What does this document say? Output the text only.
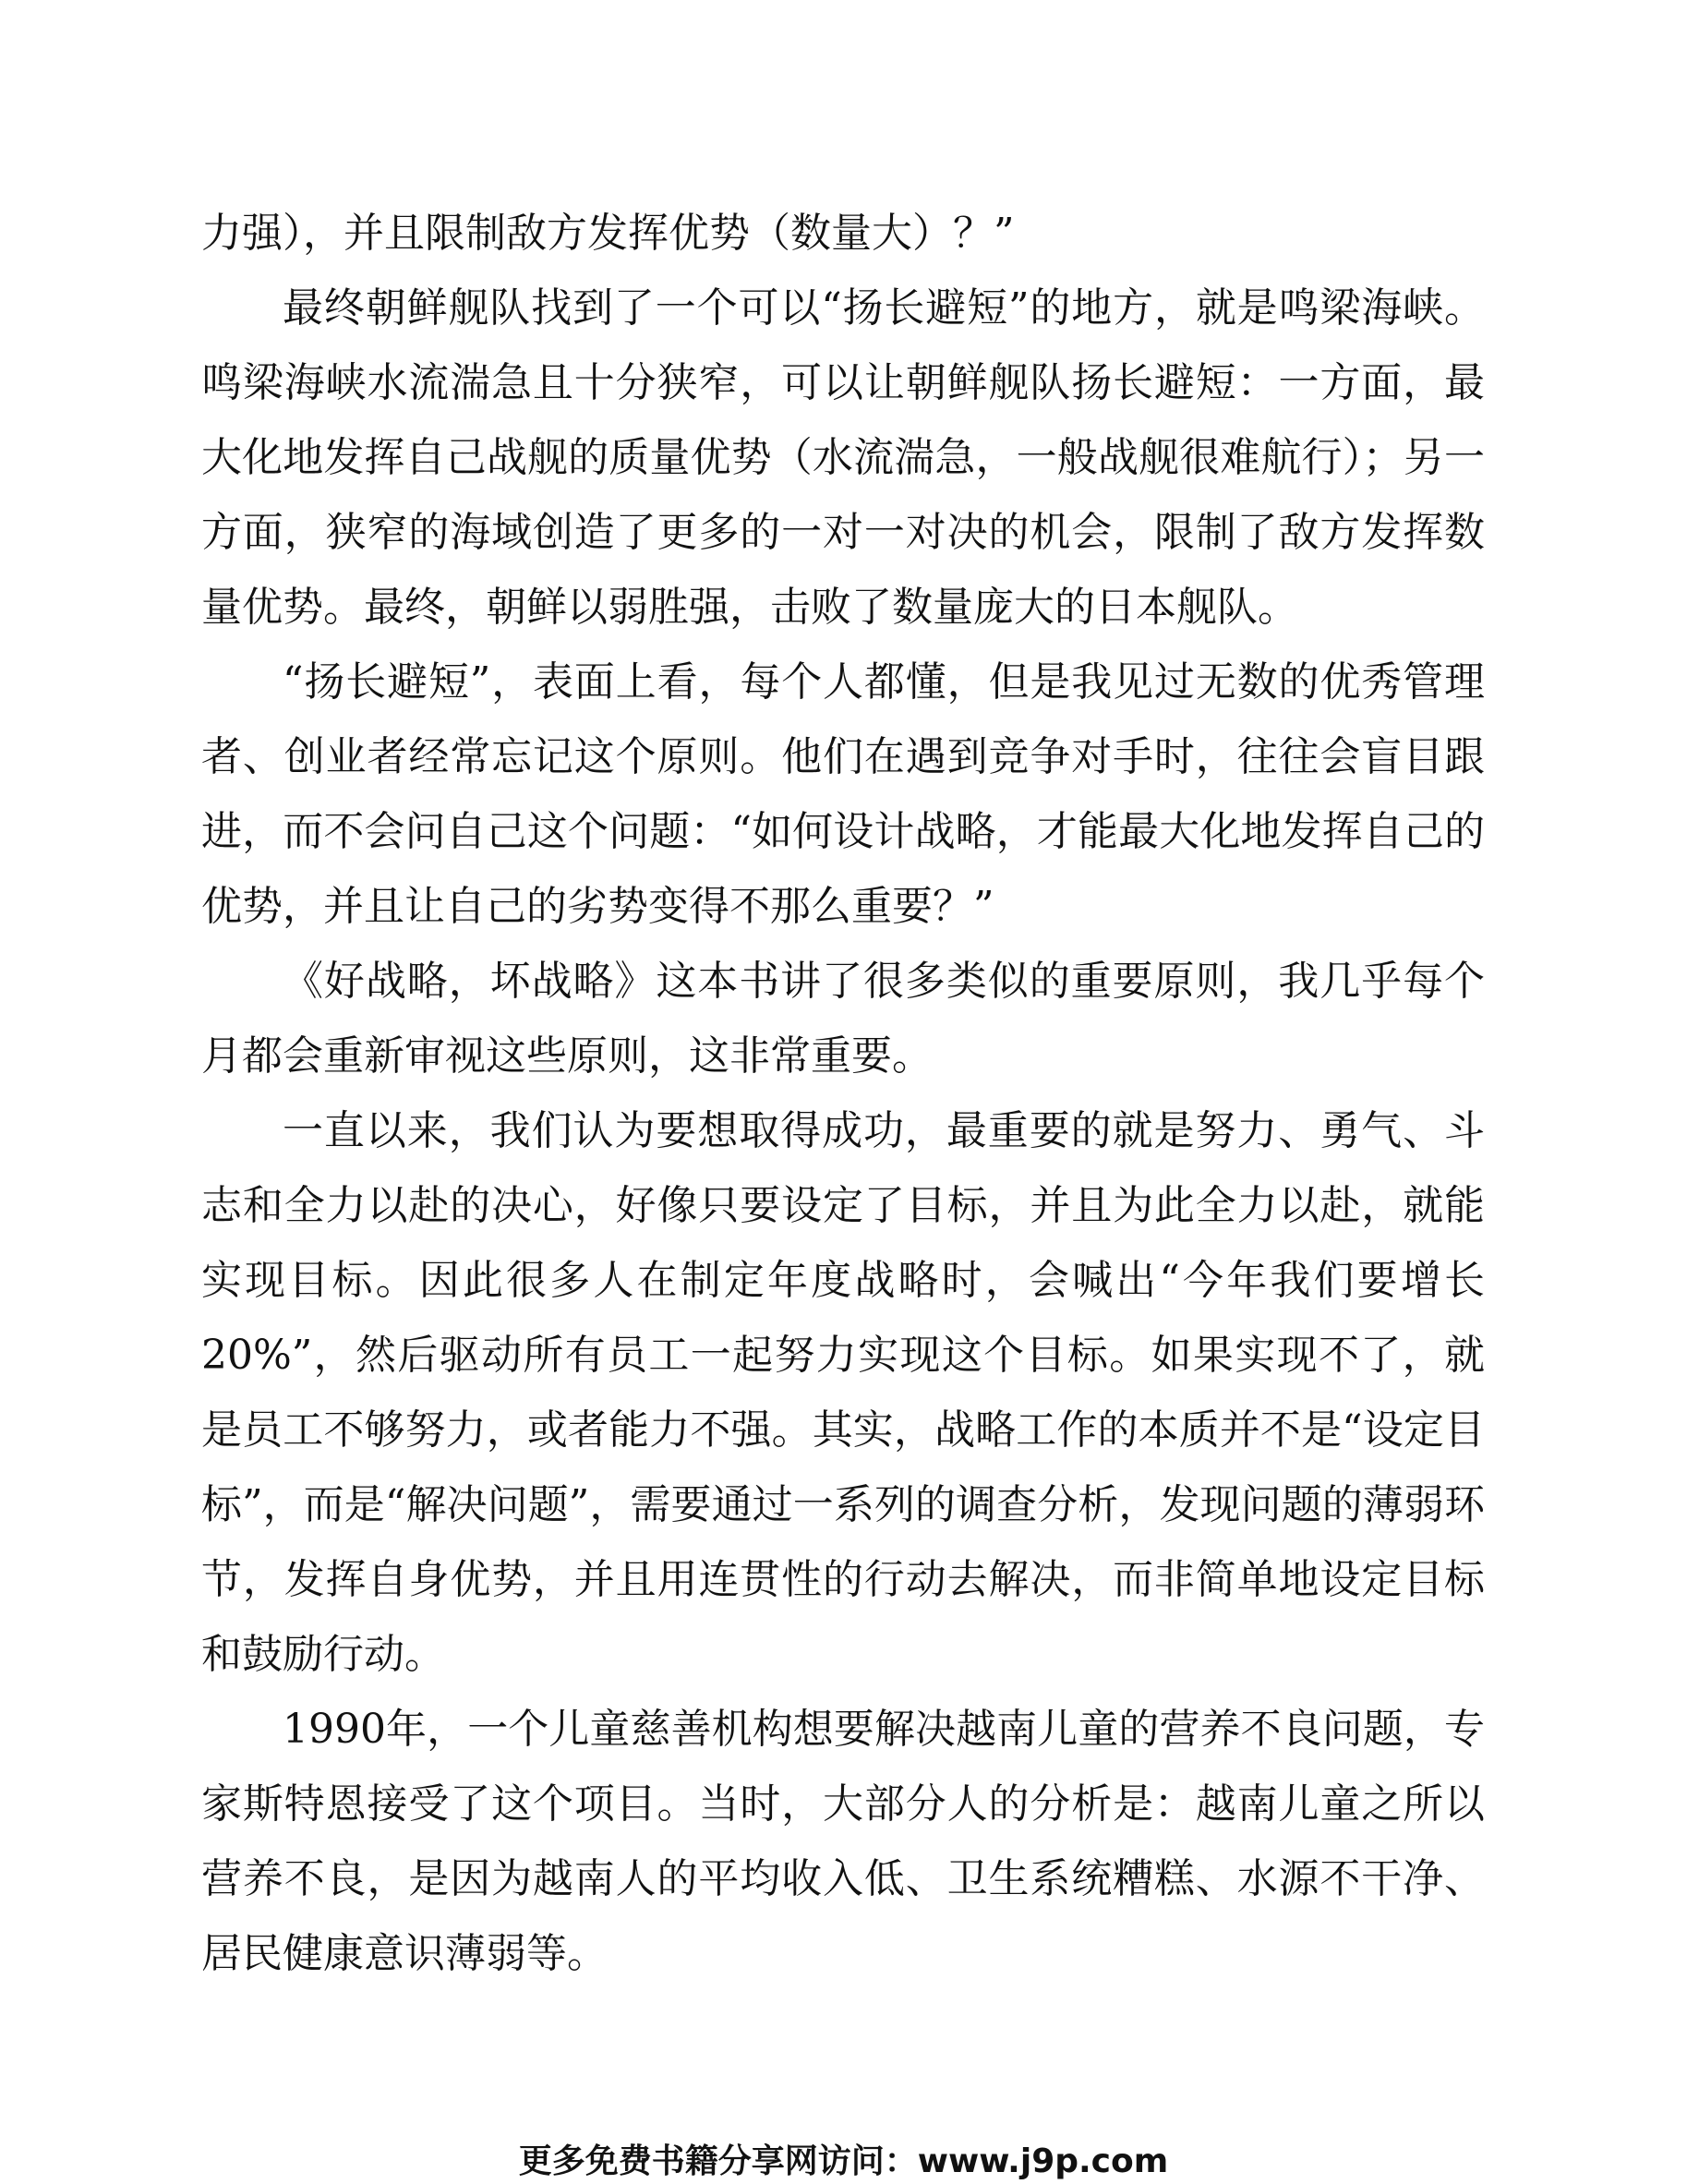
力强），并且限制敌方发挥优势（数量大）？”

最终朝鲜舰队找到了一个可以“扬长避短”的地方，就是鸣梁海峡。鸣梁海峡水流湍急且十分狭窄，可以让朝鲜舰队扬长避短：一方面，最大化地发挥自己战舰的质量优势（水流湍急，一般战舰很难航行）；另一方面，狭窄的海域创造了更多的一对一对决的机会，限制了敌方发挥数量优势。最终，朝鲜以弱胜强，击败了数量庞大的日本舰队。

“扬长避短”，表面上看，每个人都懂，但是我见过无数的优秀管理者、创业者经常忘记这个原则。他们在遇到竞争对手时，往往会盲目跟进，而不会问自己这个问题：“如何设计战略，才能最大化地发挥自己的优势，并且让自己的劣势变得不那么重要？”

《好战略，坏战略》这本书讲了很多类似的重要原则，我几乎每个月都会重新审视这些原则，这非常重要。

一直以来，我们认为要想取得成功，最重要的就是努力、勇气、斗志和全力以赴的决心，好像只要设定了目标，并且为此全力以赴，就能实现目标。因此很多人在制定年度战略时，会喊出“今年我们要增长20%”，然后驱动所有员工一起努力实现这个目标。如果实现不了，就是员工不够努力，或者能力不强。其实，战略工作的本质并不是“设定目标”，而是“解决问题”，需要通过一系列的调查分析，发现问题的薄弱环节，发挥自身优势，并且用连贯性的行动去解决，而非简单地设定目标和鼓励行动。

1990年，一个儿童慈善机构想要解决越南儿童的营养不良问题，专家斯特恩接受了这个项目。当时，大部分人的分析是：越南儿童之所以营养不良，是因为越南人的平均收入低、卫生系统糟糕、水源不干净、居民健康意识薄弱等。

更多免费书籍分享网访问：www.j9p.com
